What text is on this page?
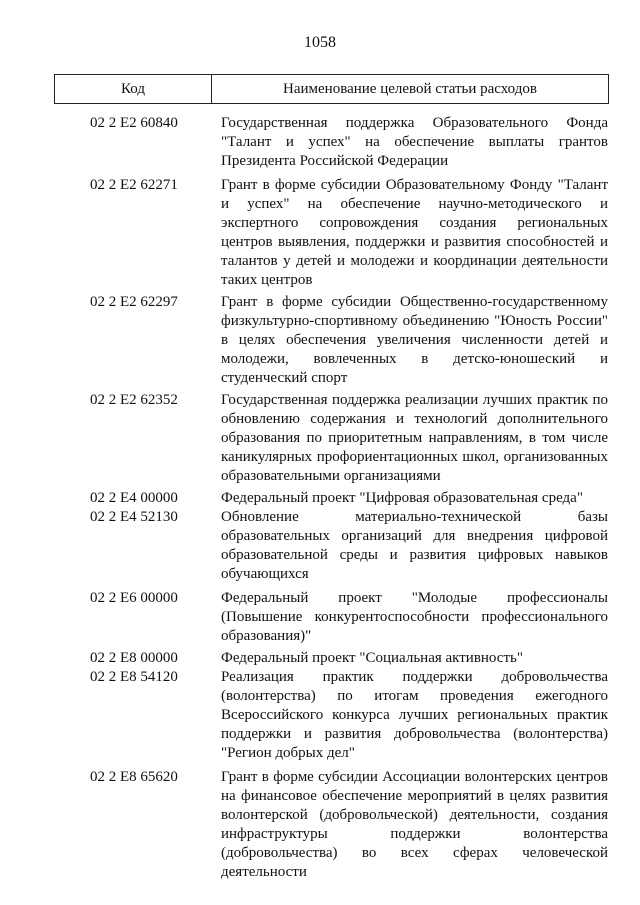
1058
Код	Наименование целевой статьи расходов
02 2 E2 60840	Государственная поддержка Образовательного Фонда "Талант и успех" на обеспечение выплаты грантов Президента Российской Федерации
02 2 E2 62271	Грант в форме субсидии Образовательному Фонду "Талант и успех" на обеспечение научно-методического и экспертного сопровождения создания региональных центров выявления, поддержки и развития способностей и талантов у детей и молодежи и координации деятельности таких центров
02 2 E2 62297	Грант в форме субсидии Общественно-государственному физкультурно-спортивному объединению "Юность России" в целях обеспечения увеличения численности детей и молодежи, вовлеченных в детско-юношеский и студенческий спорт
02 2 E2 62352	Государственная поддержка реализации лучших практик по обновлению содержания и технологий дополнительного образования по приоритетным направлениям, в том числе каникулярных профориентационных школ, организованных образовательными организациями
02 2 E4 00000	Федеральный проект "Цифровая образовательная среда"
02 2 E4 52130	Обновление материально-технической базы образовательных организаций для внедрения цифровой образовательной среды и развития цифровых навыков обучающихся
02 2 E6 00000	Федеральный проект "Молодые профессионалы (Повышение конкурентоспособности профессионального образования)"
02 2 E8 00000	Федеральный проект "Социальная активность"
02 2 E8 54120	Реализация практик поддержки добровольчества (волонтерства) по итогам проведения ежегодного Всероссийского конкурса лучших региональных практик поддержки и развития добровольчества (волонтерства) "Регион добрых дел"
02 2 E8 65620	Грант в форме субсидии Ассоциации волонтерских центров на финансовое обеспечение мероприятий в целях развития волонтерской (добровольческой) деятельности, создания инфраструктуры поддержки волонтерства (добровольчества) во всех сферах человеческой деятельности
